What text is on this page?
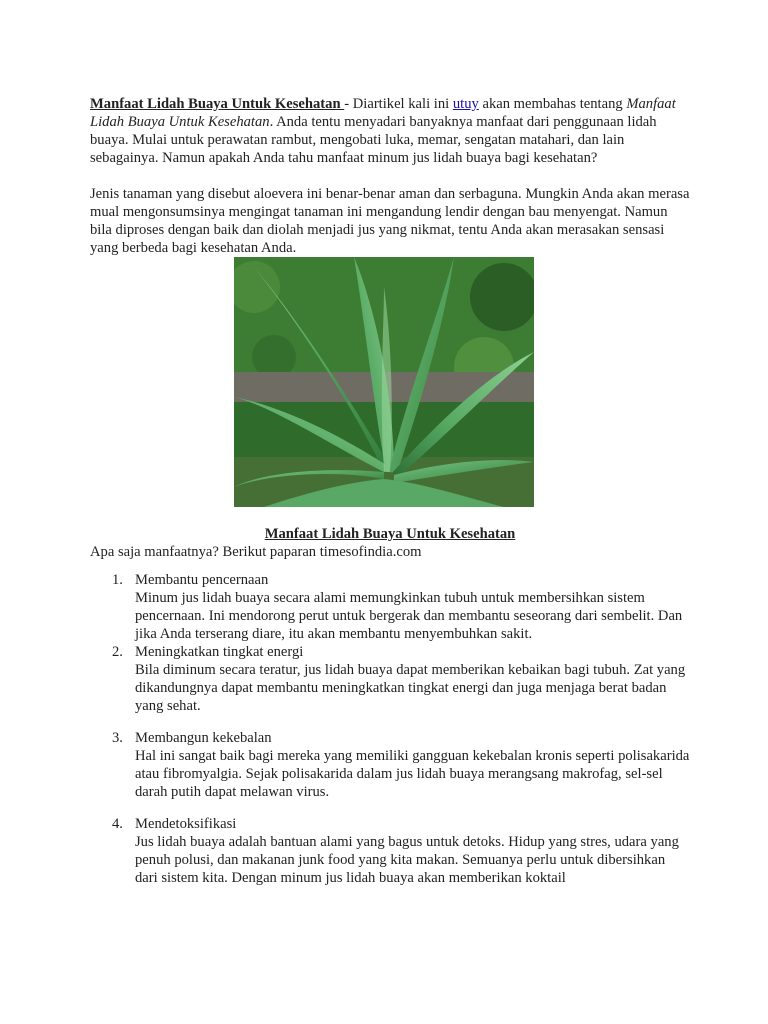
Manfaat Lidah Buaya Untuk Kesehatan - Diartikel kali ini utuy akan membahas tentang Manfaat Lidah Buaya Untuk Kesehatan. Anda tentu menyadari banyaknya manfaat dari penggunaan lidah buaya. Mulai untuk perawatan rambut, mengobati luka, memar, sengatan matahari, dan lain sebagainya. Namun apakah Anda tahu manfaat minum jus lidah buaya bagi kesehatan?

Jenis tanaman yang disebut aloevera ini benar-benar aman dan serbaguna. Mungkin Anda akan merasa mual mengonsumsinya mengingat tanaman ini mengandung lendir dengan bau menyengat. Namun bila diproses dengan baik dan diolah menjadi jus yang nikmat, tentu Anda akan merasakan sensasi yang berbeda bagi kesehatan Anda.

Manfaat Lidah Buaya Untuk Kesehatan

Apa saja manfaatnya? Berikut paparan timesofindia.com

1. Membantu pencernaan
Minum jus lidah buaya secara alami memungkinkan tubuh untuk membersihkan sistem pencernaan. Ini mendorong perut untuk bergerak dan membantu seseorang dari sembelit. Dan jika Anda terserang diare, itu akan membantu menyembuhkan sakit.
2. Meningkatkan tingkat energi
Bila diminum secara teratur, jus lidah buaya dapat memberikan kebaikan bagi tubuh. Zat yang dikandungnya dapat membantu meningkatkan tingkat energi dan juga menjaga berat badan yang sehat.
3. Membangun kekebalan
Hal ini sangat baik bagi mereka yang memiliki gangguan kekebalan kronis seperti polisakarida atau fibromyalgia. Sejak polisakarida dalam jus lidah buaya merangsang makrofag, sel-sel darah putih dapat melawan virus.
4. Mendetoksifikasi
Jus lidah buaya adalah bantuan alami yang bagus untuk detoks. Hidup yang stres, udara yang penuh polusi, dan makanan junk food yang kita makan. Semuanya perlu untuk dibersihkan dari sistem kita. Dengan minum jus lidah buaya akan memberikan koktail
